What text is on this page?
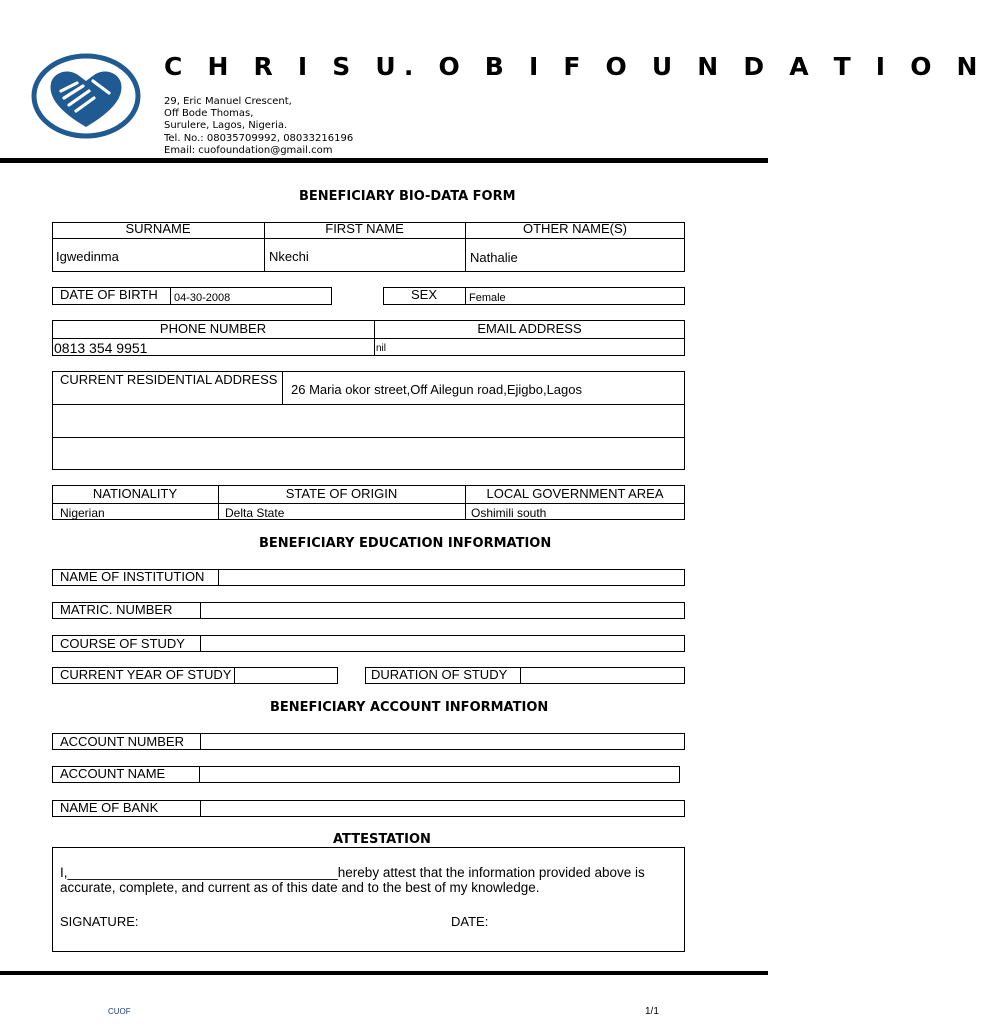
C H R I S U. O B I F O U N D A T I O N
29, Eric Manuel Crescent,
Off Bode Thomas,
Surulere, Lagos, Nigeria.
Tel. No.: 08035709992, 08033216196
Email: cuofoundation@gmail.com
BENEFICIARY BIO-DATA FORM
SURNAME	FIRST NAME	OTHER NAME(S)
Igwedinma	Nkechi	Nathalie
DATE OF BIRTH 04-30-2008	SEX	Female
PHONE NUMBER	EMAIL ADDRESS
0813 354 9951	nil
CURRENT RESIDENTIAL ADDRESS
26 Maria okor street,Off Ailegun road,Ejigbo,Lagos
NATIONALITY	STATE OF ORIGIN	LOCAL GOVERNMENT AREA
Nigerian	Delta State	Oshimili south
BENEFICIARY EDUCATION INFORMATION
NAME OF INSTITUTION
MATRIC. NUMBER
COURSE OF STUDY
CURRENT YEAR OF STUDY	DURATION OF STUDY
BENEFICIARY ACCOUNT INFORMATION
ACCOUNT NUMBER
ACCOUNT NAME
NAME OF BANK
ATTESTATION
I,____________________________________hereby attest that the information provided above is
accurate, complete, and current as of this date and to the best of my knowledge.
SIGNATURE:	DATE:
CUOF	1/1
